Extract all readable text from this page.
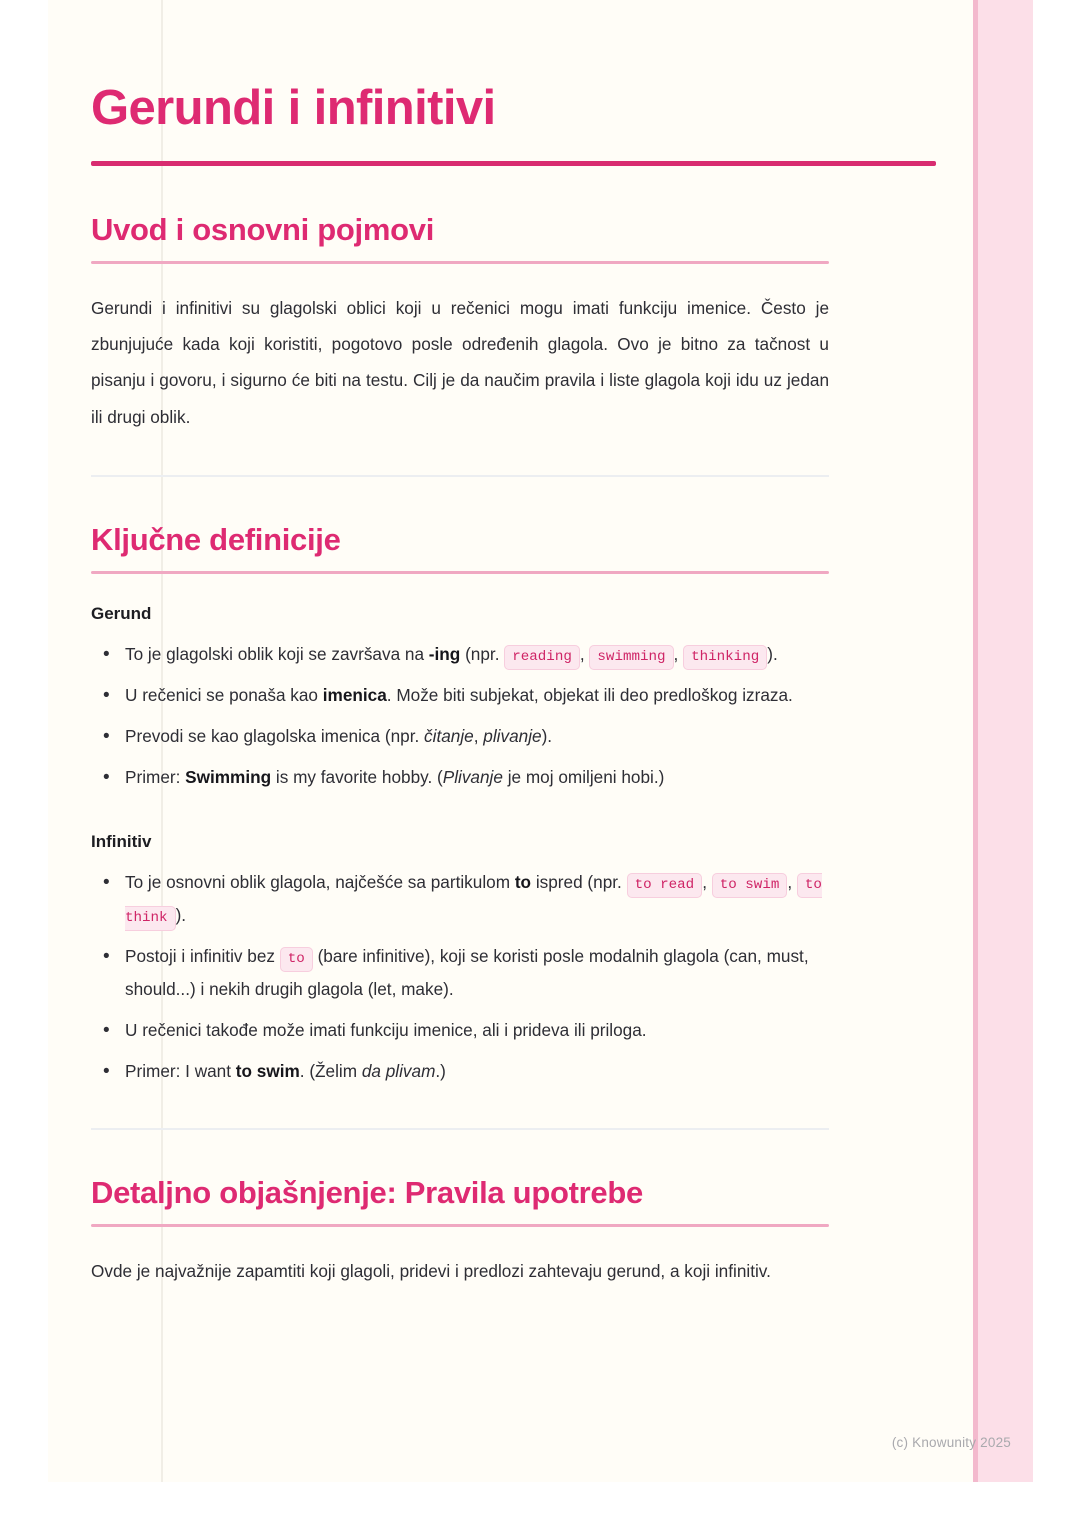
Gerundi i infinitivi
Uvod i osnovni pojmovi

Gerundi i infinitivi su glagolski oblici koji u rečenici mogu imati funkciju imenice. Često je zbunjujuće kada koji koristiti, pogotovo posle određenih glagola. Ovo je bitno za tačnost u pisanju i govoru, i sigurno će biti na testu. Cilj je da naučim pravila i liste glagola koji idu uz jedan ili drugi oblik.

Ključne definicije
Gerund
• To je glagolski oblik koji se završava na -ing (npr. reading , swimming , thinking ).
• U rečenici se ponaša kao imenica. Može biti subjekat, objekat ili deo predloškog izraza.
• Prevodi se kao glagolska imenica (npr. čitanje, plivanje).
• Primer: Swimming is my favorite hobby. (Plivanje je moj omiljeni hobi.)
Infinitiv
• To je osnovni oblik glagola, najčešće sa partikulom to ispred (npr. to read , to swim , to think ).
• Postoji i infinitiv bez to (bare infinitive), koji se koristi posle modalnih glagola (can, must, should...) i nekih drugih glagola (let, make).
• U rečenici takođe može imati funkciju imenice, ali i prideva ili priloga.
• Primer: I want to swim. (Želim da plivam.)
Detaljno objašnjenje: Pravila upotrebe

Ovde je najvažnije zapamtiti koji glagoli, pridevi i predlozi zahtevaju gerund, a koji infinitiv.

(c) Knowunity 2025
